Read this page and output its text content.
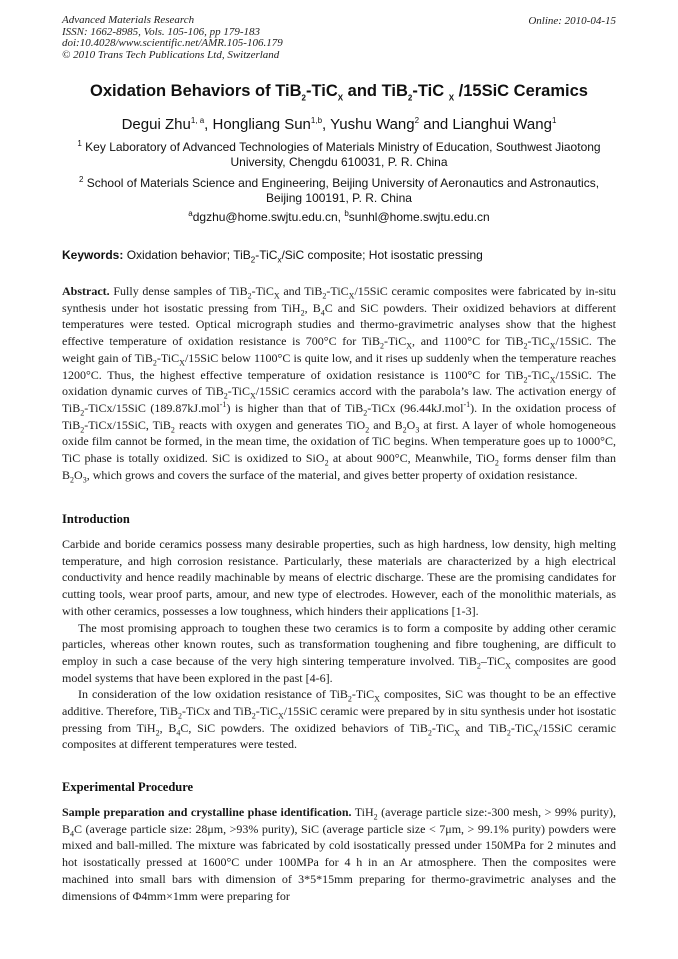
Advanced Materials Research
ISSN: 1662-8985, Vols. 105-106, pp 179-183
doi:10.4028/www.scientific.net/AMR.105-106.179
© 2010 Trans Tech Publications Ltd, Switzerland
Online: 2010-04-15
Oxidation Behaviors of TiB$_2$-TiC$_X$ and TiB$_2$-TiC $_X$ /15SiC Ceramics
Degui Zhu$^{1, a}$, Hongliang Sun$^{1,b}$, Yushu Wang$^2$ and Lianghui Wang$^1$
$^1$ Key Laboratory of Advanced Technologies of Materials Ministry of Education, Southwest Jiaotong University, Chengdu 610031, P. R. China
$^2$ School of Materials Science and Engineering, Beijing University of Aeronautics and Astronautics, Beijing 100191, P. R. China
$^a$dgzhu@home.swjtu.edu.cn, $^b$sunhl@home.swjtu.edu.cn
Keywords: Oxidation behavior; TiB$_2$-TiC$_x$/SiC composite; Hot isostatic pressing
Abstract. Fully dense samples of TiB$_2$-TiC$_X$ and TiB$_2$-TiC$_X$/15SiC ceramic composites were fabricated by in-situ synthesis under hot isostatic pressing from TiH$_2$, $B_4C$ and SiC powders. Their oxidized behaviors at different temperatures were tested. Optical micrograph studies and thermo-gravimetric analyses show that the highest effective temperature of oxidation resistance is 700°C for TiB$_2$-TiC$_X$, and 1100°C for TiB$_2$-TiC$_X$/15SiC. The weight gain of TiB$_2$-TiC$_X$/15SiC below 1100°C is quite low, and it rises up suddenly when the temperature reaches 1200°C. Thus, the highest effective temperature of oxidation resistance is 1100°C for TiB$_2$-TiC$_X$/15SiC. The oxidation dynamic curves of TiB$_2$-TiC$_X$/15SiC ceramics accord with the parabola’s law. The activation energy of TiB$_2$-TiCx/15SiC (189.87kJ.mol$^{-1}$) is higher than that of TiB$_2$-TiCx (96.44kJ.mol$^{-1}$). In the oxidation process of TiB$_2$-TiCx/15SiC, TiB$_2$ reacts with oxygen and generates TiO$_2$ and $B_2O_3$ at first. A layer of whole homogeneous oxide film cannot be formed, in the mean time, the oxidation of TiC begins. When temperature goes up to 1000°C, TiC phase is totally oxidized. SiC is oxidized to SiO$_2$ at about 900°C, Meanwhile, TiO$_2$ forms denser film than $B_2O_3$, which grows and covers the surface of the material, and gives better property of oxidation resistance.
Introduction

Carbide and boride ceramics possess many desirable properties, such as high hardness, low density, high melting temperature, and high corrosion resistance. Particularly, these materials are characterized by a high electrical conductivity and hence readily machinable by means of electric discharge. These are the promising candidates for cutting tools, wear proof parts, amour, and new type of electrodes. However, each of the monolithic materials, as with other ceramics, possesses a low toughness, which hinders their applications [1-3].

The most promising approach to toughen these two ceramics is to form a composite by adding other ceramic particles, whereas other known routes, such as transformation toughening and fibre toughening, are difficult to employ in such a case because of the very high sintering temperature involved. TiB$_2$–TiC$_X$ composites are good model systems that have been explored in the past [4-6].

In consideration of the low oxidation resistance of TiB$_2$-TiC$_X$ composites, SiC was thought to be an effective additive. Therefore, TiB$_2$-TiCx and TiB$_2$-TiC$_X$/15SiC ceramic were prepared by in situ synthesis under hot isostatic pressing from TiH$_2$, $B_4C$, SiC powders. The oxidized behaviors of TiB$_2$-TiC$_X$ and TiB$_2$-TiC$_X$/15SiC ceramic composites at different temperatures were tested.

Experimental Procedure
Sample preparation and crystalline phase identification. TiH$_2$ (average particle size:-300 mesh, > 99% purity), $B_4C$ (average particle size: 28μm, >93% purity), SiC (average particle size < 7μm, > 99.1% purity) powders were mixed and ball-milled. The mixture was fabricated by cold isostatically pressed under 150MPa for 2 minutes and hot isostatically pressed at 1600°C under 100MPa for 4 h in an Ar atmosphere. Then the composites were machined into small bars with dimension of 3*5*15mm preparing for thermo-gravimetric analyses and the dimensions of Φ4mm×1mm were preparing for
